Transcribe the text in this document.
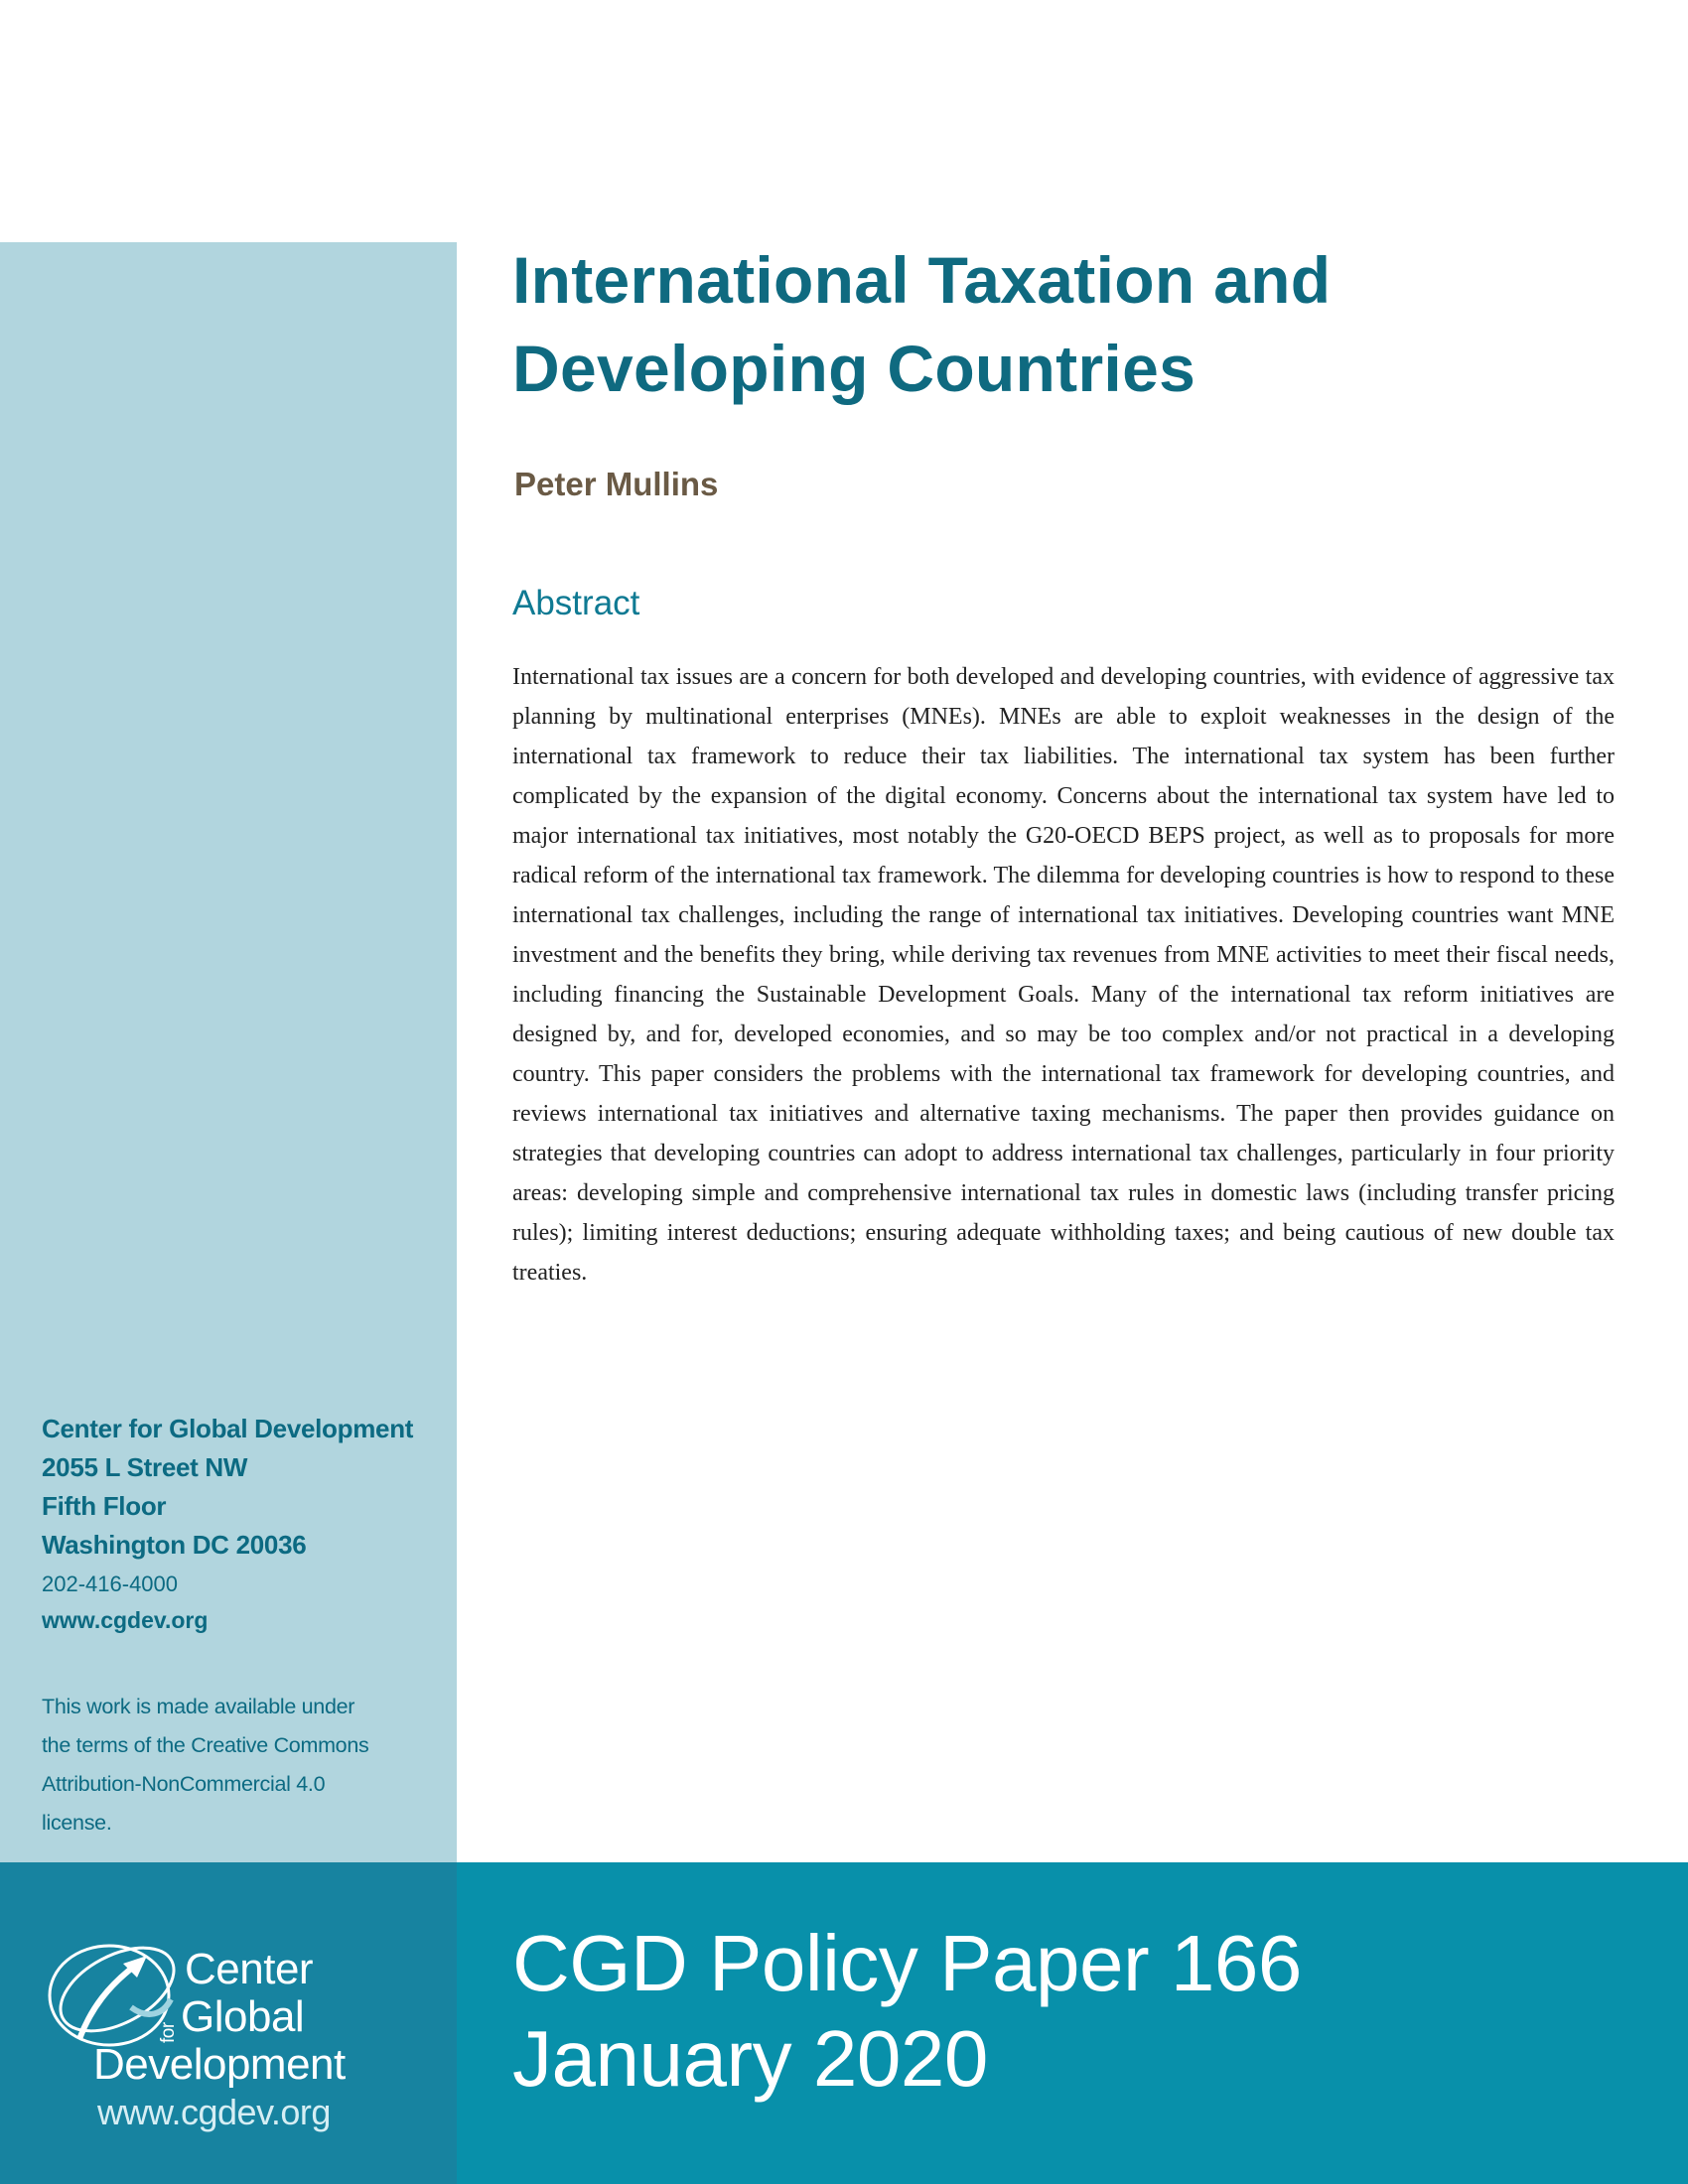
International Taxation and Developing Countries
Peter Mullins
Abstract

International tax issues are a concern for both developed and developing countries, with evidence of aggressive tax planning by multinational enterprises (MNEs). MNEs are able to exploit weaknesses in the design of the international tax framework to reduce their tax liabilities. The international tax system has been further complicated by the expansion of the digital economy. Concerns about the international tax system have led to major international tax initiatives, most notably the G20-OECD BEPS project, as well as to proposals for more radical reform of the international tax framework. The dilemma for developing countries is how to respond to these international tax challenges, including the range of international tax initiatives. Developing countries want MNE investment and the benefits they bring, while deriving tax revenues from MNE activities to meet their fiscal needs, including financing the Sustainable Development Goals. Many of the international tax reform initiatives are designed by, and for, developed economies, and so may be too complex and/or not practical in a developing country. This paper considers the problems with the international tax framework for developing countries, and reviews international tax initiatives and alternative taxing mechanisms. The paper then provides guidance on strategies that developing countries can adopt to address international tax challenges, particularly in four priority areas: developing simple and comprehensive international tax rules in domestic laws (including transfer pricing rules); limiting interest deductions; ensuring adequate withholding taxes; and being cautious of new double tax treaties.

Center for Global Development
2055 L Street NW
Fifth Floor
Washington DC 20036
202-416-4000
www.cgdev.org
This work is made available under
the terms of the Creative Commons
Attribution-NonCommercial 4.0
license.
Center
for Global
Development
www.cgdev.org
CGD Policy Paper 166
January 2020
